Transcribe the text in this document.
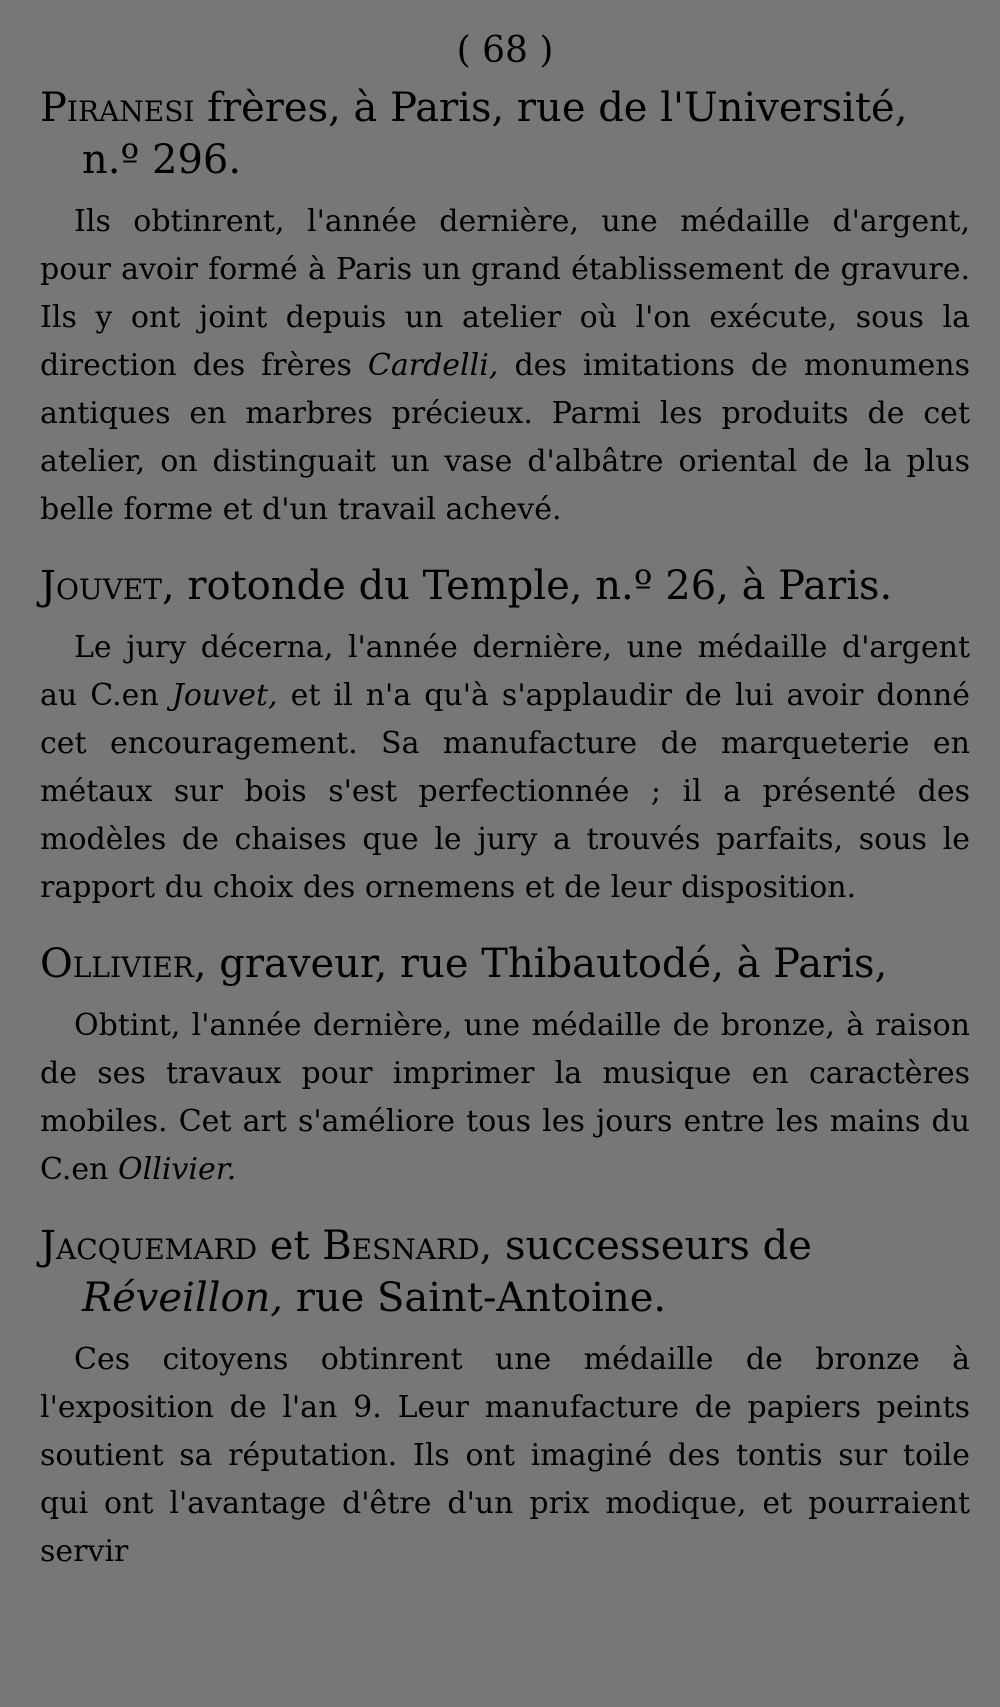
( 68 )

Piranesi frères, à Paris, rue de l'Université, n.º 296.

Ils obtinrent, l'année dernière, une médaille d'argent, pour avoir formé à Paris un grand établissement de gravure. Ils y ont joint depuis un atelier où l'on exécute, sous la direction des frères Cardelli, des imitations de monumens antiques en marbres précieux. Parmi les produits de cet atelier, on distinguait un vase d'albâtre oriental de la plus belle forme et d'un travail achevé.

Jouvet, rotonde du Temple, n.º 26, à Paris.

Le jury décerna, l'année dernière, une médaille d'argent au C.en Jouvet, et il n'a qu'à s'applaudir de lui avoir donné cet encouragement. Sa manufacture de marqueterie en métaux sur bois s'est perfectionnée ; il a présenté des modèles de chaises que le jury a trouvés parfaits, sous le rapport du choix des ornemens et de leur disposition.

Ollivier, graveur, rue Thibautodé, à Paris,

Obtint, l'année dernière, une médaille de bronze, à raison de ses travaux pour imprimer la musique en caractères mobiles. Cet art s'améliore tous les jours entre les mains du C.en Ollivier.

Jacquemard et Besnard, successeurs de Réveillon, rue Saint-Antoine.

Ces citoyens obtinrent une médaille de bronze à l'exposition de l'an 9. Leur manufacture de papiers peints soutient sa réputation. Ils ont imaginé des tontis sur toile qui ont l'avantage d'être d'un prix modique, et pourraient servir
